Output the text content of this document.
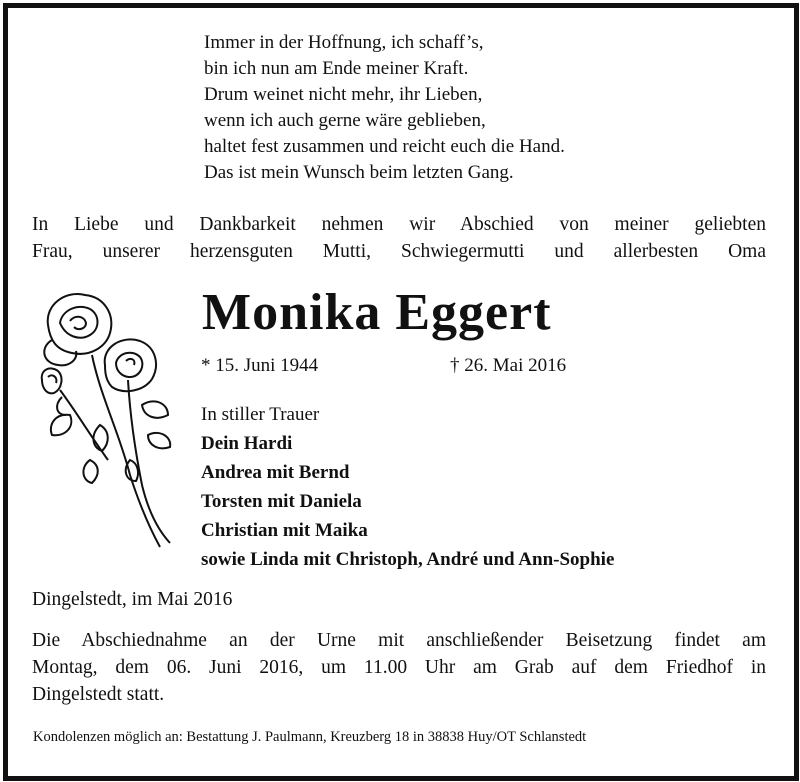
Immer in der Hoffnung, ich schaff’s,
bin ich nun am Ende meiner Kraft.
Drum weinet nicht mehr, ihr Lieben,
wenn ich auch gerne wäre geblieben,
haltet fest zusammen und reicht euch die Hand.
Das ist mein Wunsch beim letzten Gang.
In Liebe und Dankbarkeit nehmen wir Abschied von meiner geliebten
Frau, unserer herzensguten Mutti, Schwiegermutti und allerbesten Oma
Monika Eggert
* 15. Juni 1944	† 26. Mai 2016
In stiller Trauer
Dein Hardi
Andrea mit Bernd
Torsten mit Daniela
Christian mit Maika
sowie Linda mit Christoph, André und Ann-Sophie
Dingelstedt, im Mai 2016
Die Abschiednahme an der Urne mit anschließender Beisetzung findet am
Montag, dem 06. Juni 2016, um 11.00 Uhr am Grab auf dem Friedhof in
Dingelstedt statt.
Kondolenzen möglich an: Bestattung J. Paulmann, Kreuzberg 18 in 38838 Huy/OT Schlanstedt
